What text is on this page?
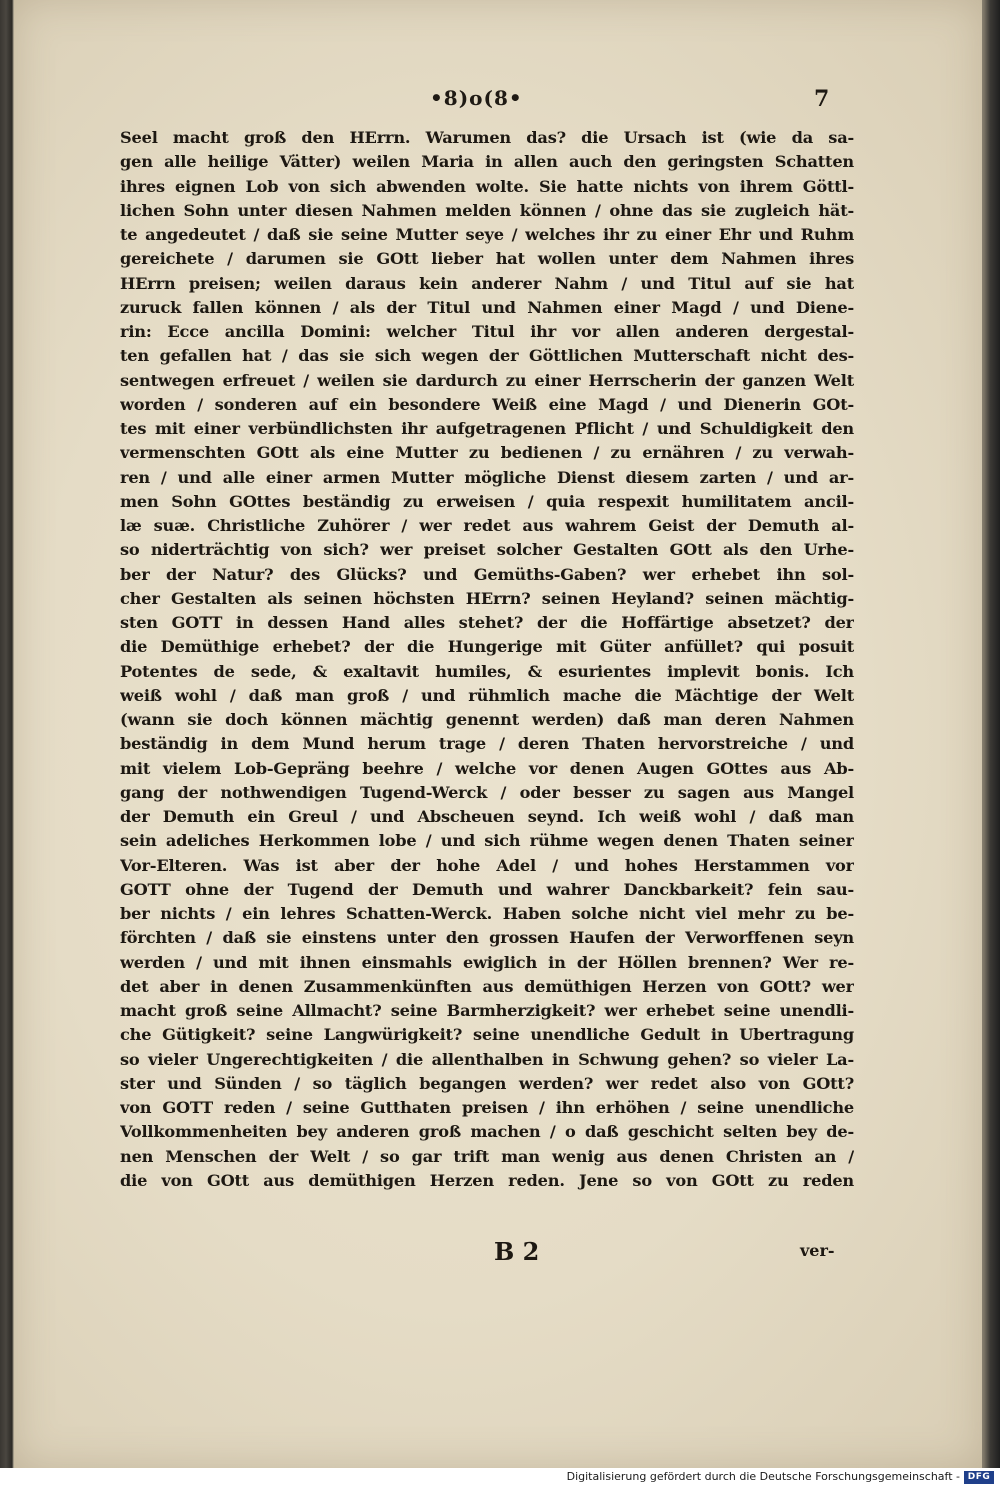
•8)o(8•	7
Seel macht groß den HErrn. Warumen das? die Ursach ist (wie da sa-
gen alle heilige Vätter) weilen Maria in allen auch den geringsten Schatten
ihres eignen Lob von sich abwenden wolte. Sie hatte nichts von ihrem Göttl-
lichen Sohn unter diesen Nahmen melden können / ohne das sie zugleich hät-
te angedeutet / daß sie seine Mutter seye / welches ihr zu einer Ehr und Ruhm
gereichete / darumen sie GOtt lieber hat wollen unter dem Nahmen ihres
HErrn preisen; weilen daraus kein anderer Nahm / und Titul auf sie hat
zuruck fallen können / als der Titul und Nahmen einer Magd / und Diene-
rin: Ecce ancilla Domini: welcher Titul ihr vor allen anderen dergestal-
ten gefallen hat / das sie sich wegen der Göttlichen Mutterschaft nicht des-
sentwegen erfreuet / weilen sie dardurch zu einer Herrscherin der ganzen Welt
worden / sonderen auf ein besondere Weiß eine Magd / und Dienerin GOt-
tes mit einer verbündlichsten ihr aufgetragenen Pflicht / und Schuldigkeit den
vermenschten GOtt als eine Mutter zu bedienen / zu ernähren / zu verwah-
ren / und alle einer armen Mutter mögliche Dienst diesem zarten / und ar-
men Sohn GOttes beständig zu erweisen / quia respexit humilitatem ancil-
læ suæ. Christliche Zuhörer / wer redet aus wahrem Geist der Demuth al-
so niderträchtig von sich? wer preiset solcher Gestalten GOtt als den Urhe-
ber der Natur? des Glücks? und Gemüths-Gaben? wer erhebet ihn sol-
cher Gestalten als seinen höchsten HErrn? seinen Heyland? seinen mächtig-
sten GOTT in dessen Hand alles stehet? der die Hoffärtige absetzet? der
die Demüthige erhebet? der die Hungerige mit Güter anfüllet? qui posuit
Potentes de sede, & exaltavit humiles, & esurientes implevit bonis. Ich
weiß wohl / daß man groß / und rühmlich mache die Mächtige der Welt
(wann sie doch können mächtig genennt werden) daß man deren Nahmen
beständig in dem Mund herum trage / deren Thaten hervorstreiche / und
mit vielem Lob-Gepräng beehre / welche vor denen Augen GOttes aus Ab-
gang der nothwendigen Tugend-Werck / oder besser zu sagen aus Mangel
der Demuth ein Greul / und Abscheuen seynd. Ich weiß wohl / daß man
sein adeliches Herkommen lobe / und sich rühme wegen denen Thaten seiner
Vor-Elteren. Was ist aber der hohe Adel / und hohes Herstammen vor
GOTT ohne der Tugend der Demuth und wahrer Danckbarkeit? fein sau-
ber nichts / ein lehres Schatten-Werck. Haben solche nicht viel mehr zu be-
förchten / daß sie einstens unter den grossen Haufen der Verworffenen seyn
werden / und mit ihnen einsmahls ewiglich in der Höllen brennen? Wer re-
det aber in denen Zusammenkünften aus demüthigen Herzen von GOtt? wer
macht groß seine Allmacht? seine Barmherzigkeit? wer erhebet seine unendli-
che Gütigkeit? seine Langwürigkeit? seine unendliche Gedult in Ubertragung
so vieler Ungerechtigkeiten / die allenthalben in Schwung gehen? so vieler La-
ster und Sünden / so täglich begangen werden? wer redet also von GOtt?
von GOTT reden / seine Gutthaten preisen / ihn erhöhen / seine unendliche
Vollkommenheiten bey anderen groß machen / o daß geschicht selten bey de-
nen Menschen der Welt / so gar trift man wenig aus denen Christen an /
die von GOtt aus demüthigen Herzen reden. Jene so von GOtt zu reden
B 2	ver-
Digitalisierung gefördert durch die Deutsche Forschungsgemeinschaft - DFG
